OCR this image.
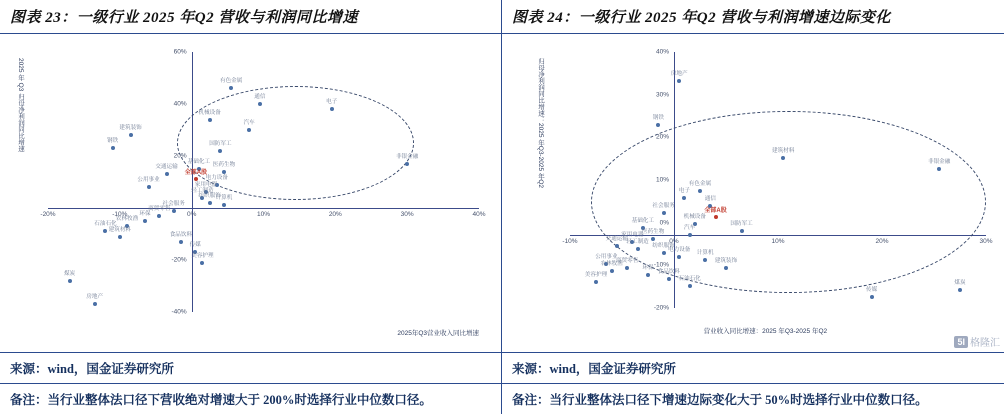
图表 23：一级行业 2025 年Q2 营收与利润同比增速
-20%	-10%	0%	10%	20%	30%	40%
-40%
-20%
20%
40%
60%
有色金属
电子
通信
机械设备
汽车
建筑装饰
钢铁	国防军工
非银金融
基础化工 医药生物
交通运输
全部A股
电力设备
公用事业
家用电器
轻工制造
纺织服饰
计算机
社会服务
商贸零售
环保
农林牧渔
石油石化
建筑材料
食品饮料
传媒
美容护理
煤炭
房地产
2025年Q3营业收入同比增速
2025 年 Q3 归母净利润同比增速
来源：wind，国金证券研究所
备注：当行业整体法口径下营收绝对增速大于 200%时选择行业中位数口径。
图表 24：一级行业 2025 年Q2 营收与利润增速边际变化
-10%	0%	10%	20%	30%
-20%
-10%
0%
10%
20%
30%
40%
房地产
钢铁
建筑材料
非银金融
有色金属
电子
通信
社会服务
全部A股
机械设备
基础化工
国防军工
汽车
医药生物
家用电器
交通运输
轻工制造
纺织服饰
电力设备
计算机
公用事业
商贸零售
农林牧渔
环保
食品饮料
煤炭
传媒
美容护理
石油石化
建筑装饰
营业收入同比增速：2025 年Q3-2025 年Q2
归母净利润同比增速：2025 年Q3-2025 年Q2
5I 格隆汇
来源：wind，国金证券研究所
备注：当行业整体法口径下增速边际变化大于 50%时选择行业中位数口径。
